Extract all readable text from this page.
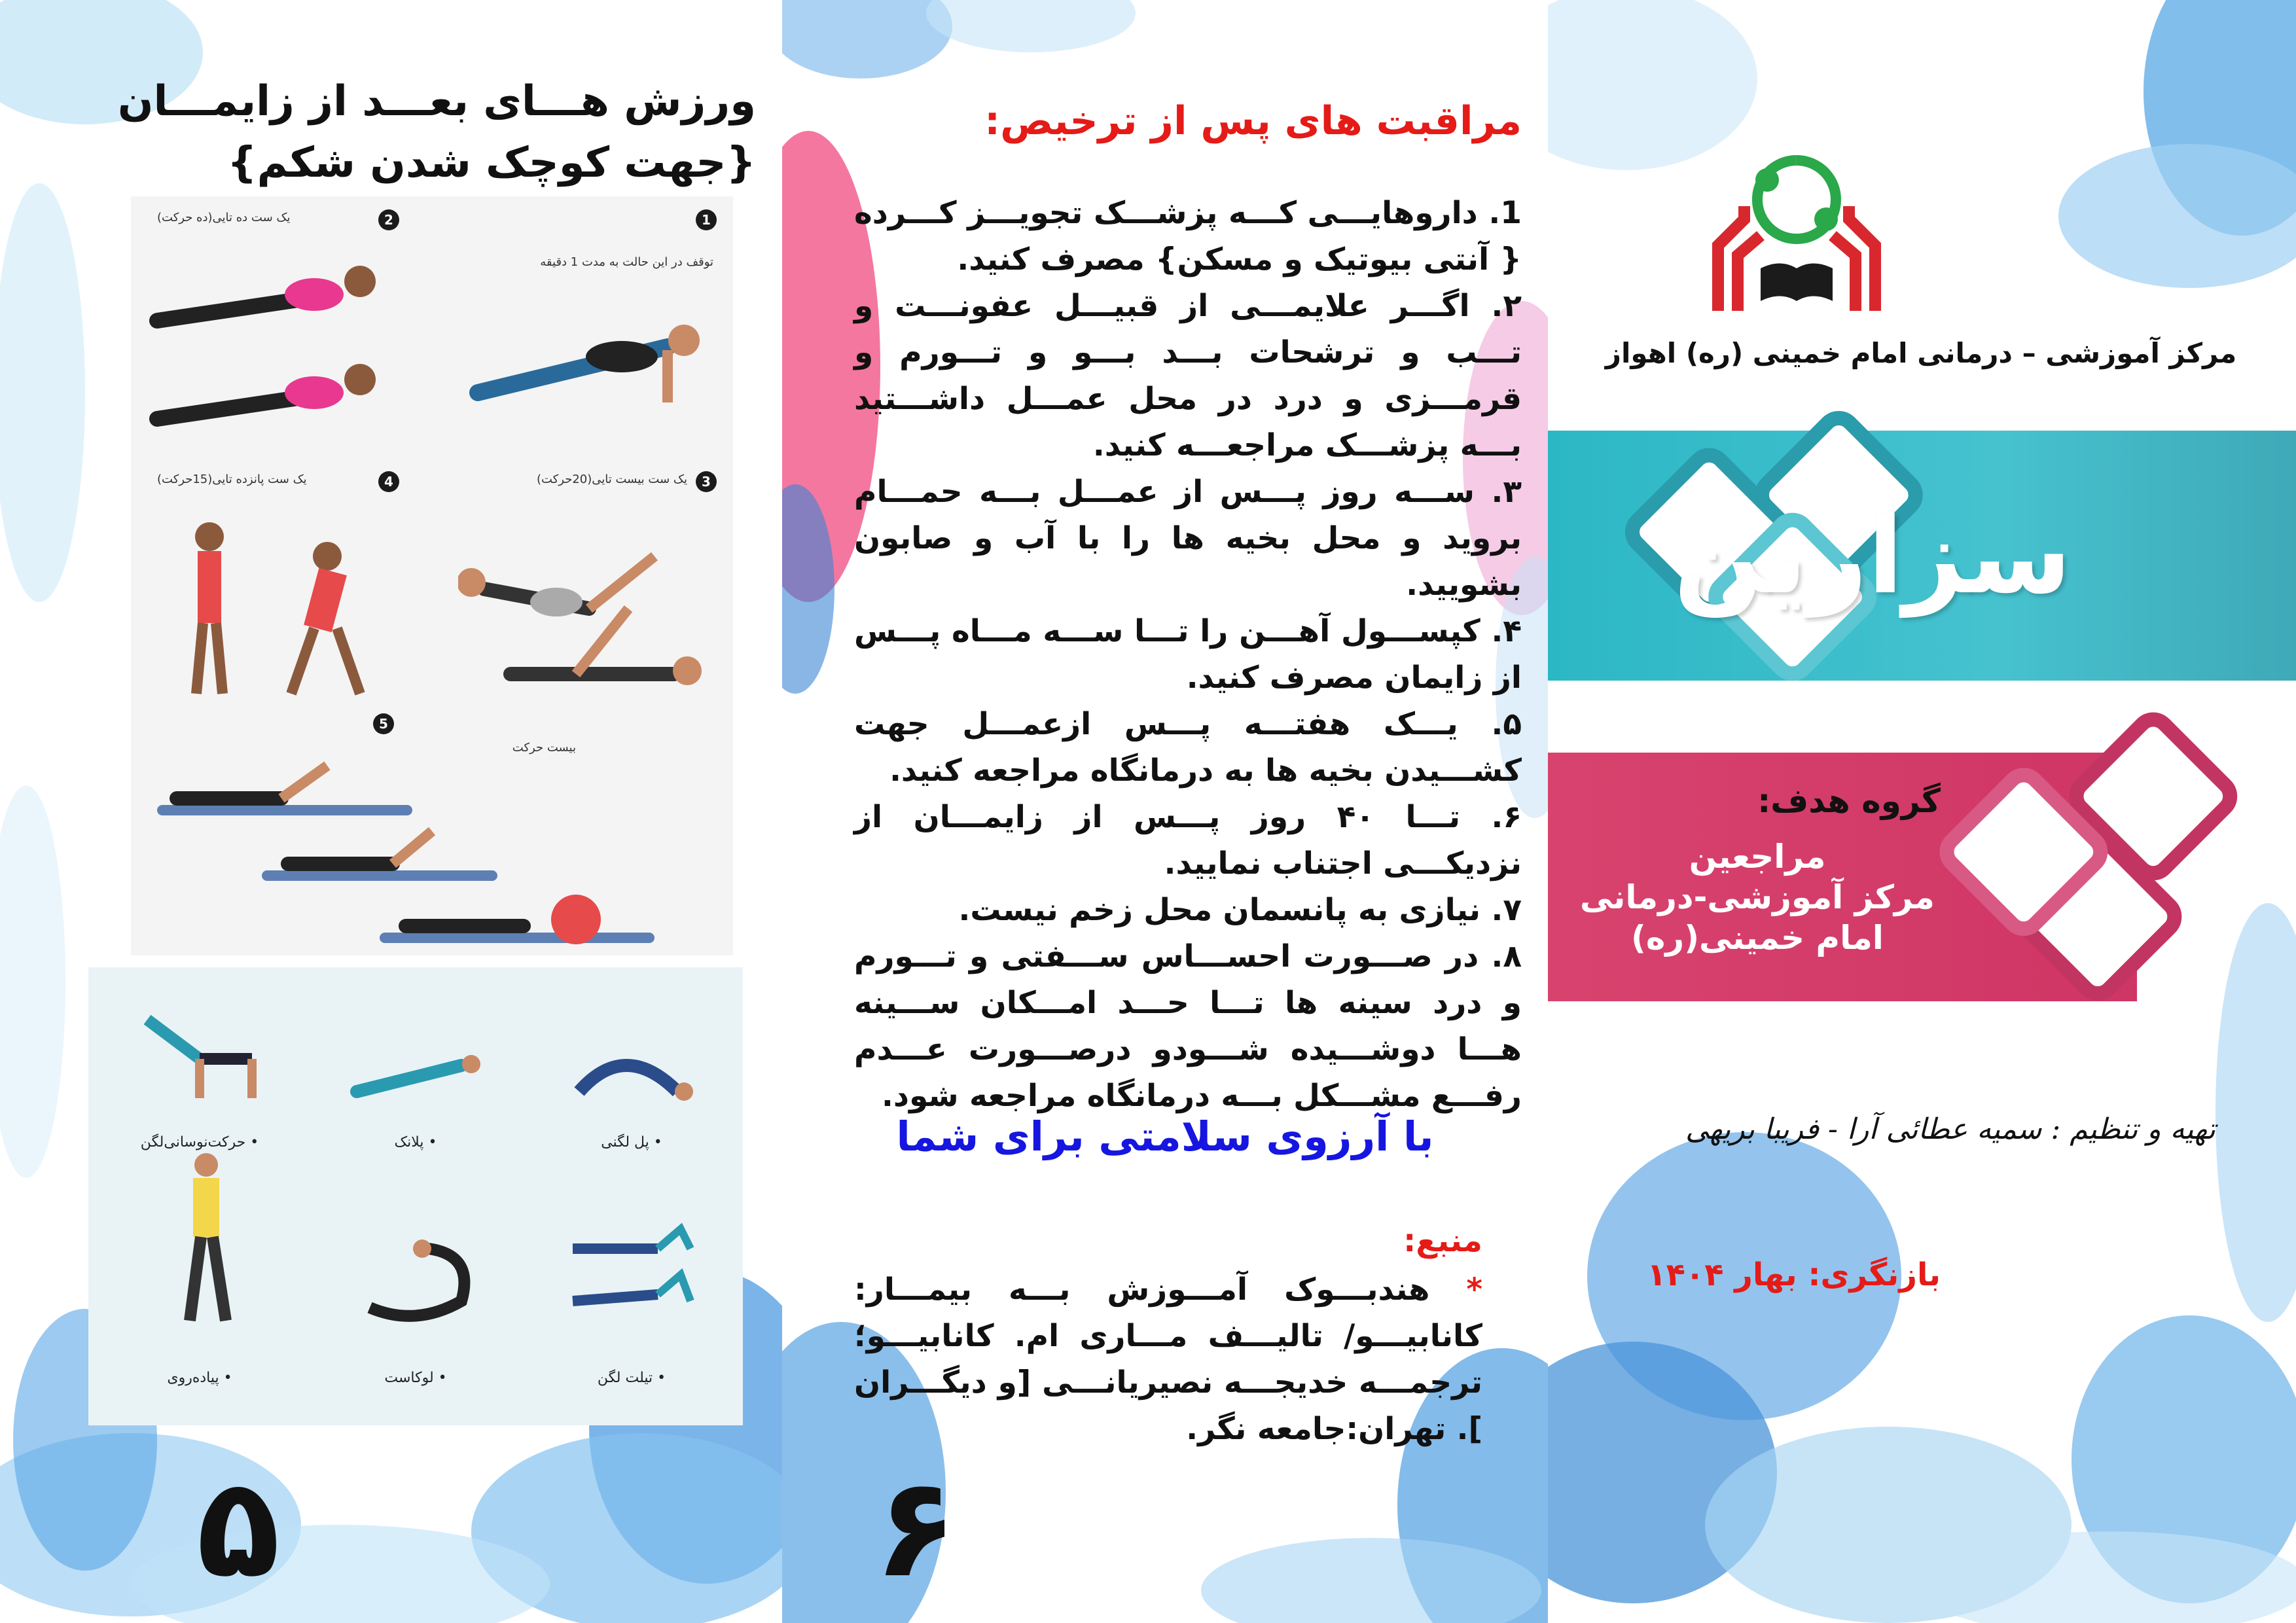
ورزش هـــای بعـــد از زایمـــان {جهت کوچک شدن شکم}
1
توقف در این حالت به مدت 1 دقیقه
2
یک ست ده تایی(ده حرکت)
3
یک ست بیست تایی(20حرکت)
4
یک ست پانزده تایی(15حرکت)
5
بیست حرکت
• پل لگنی
• پلانک
• حرکت‌نوسانی‌لگن
• تیلت لگن
• لوکاست
• پیاده‌روی
۵
مراقبت های پس از ترخیص:

1. داروهایـــی کـــه پزشـــک تجویـــز کـــرده { آنتی بیوتیک و مسکن} مصرف کنید.

۲. اگـــر علایمـــی از قبیـــل عفونـــت و تـــب و ترشحات بـــد بـــو و تـــورم و قرمـــزی و درد در محل عمـــل داشـــتید بـــه پزشـــک مراجعـــه کنید.

۳. ســـه روز پـــس از عمـــل بـــه حمـــام بروید و محل بخیه ها را با آب و صابون بشویید.

۴. کپســـول آهـــن را تـــا ســـه مـــاه پـــس از زایمان مصرف کنید.

۵. یـــک هفتـــه پـــس ازعمـــل جهت کشـــیدن بخیه ها به درمانگاه مراجعه کنید.

۶. تـــا ۴۰ روز پـــس از زایمـــان از نزدیکـــی اجتناب نمایید.

۷. نیازی به پانسمان محل زخم نیست.

۸. در صـــورت احســـاس ســـفتی و تـــورم و درد سینه ها تـــا حـــد امـــکان ســـینه هـــا دوشـــیده شـــودو درصـــورت عـــدم رفـــع مشـــکل بـــه درمانگاه مراجعه شود.

با آرزوی سلامتی برای شما
منبع:
* هندبـــوک آمـــوزش بـــه بیمـــار: کانابیـــو/ تالیـــف مـــاری ام. کانابیـــو؛ ترجمـــه خدیجـــه نصیریانـــی [و دیگـــران ]. تهران:جامعه نگر.
۶
مرکز آموزشی – درمانی امام خمینی (ره) اهواز
سزارین
گروه هدف:
مراجعین
مرکز آموزشی-درمانی
امام خمینی(ره)
تهیه و تنظیم : سمیه عطائی آرا - فریبا بریهی
بازنگری: بهار ۱۴۰۴
